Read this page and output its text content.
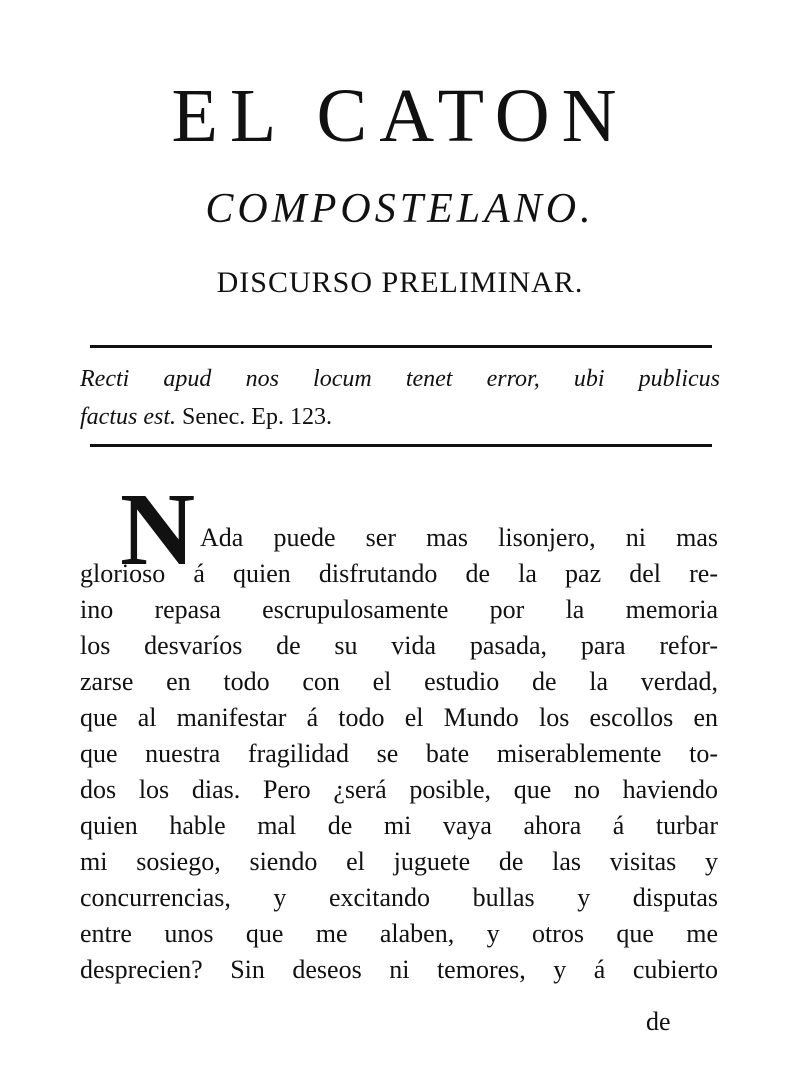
EL CATON
COMPOSTELANO.
DISCURSO PRELIMINAR.
Recti apud nos locum tenet error, ubi publicus
factus est. Senec. Ep. 123.
N Ada puede ser mas lisonjero, ni mas
glorioso á quien disfrutando de la paz del re-
ino repasa escrupulosamente por la memoria
los desvaríos de su vida pasada, para refor-
zarse en todo con el estudio de la verdad,
que al manifestar á todo el Mundo los escollos en
que nuestra fragilidad se bate miserablemente to-
dos los dias. Pero ¿será posible, que no haviendo
quien hable mal de mi vaya ahora á turbar
mi sosiego, siendo el juguete de las visitas y
concurrencias, y excitando bullas y disputas
entre unos que me alaben, y otros que me
desprecien? Sin deseos ni temores, y á cubierto
de
